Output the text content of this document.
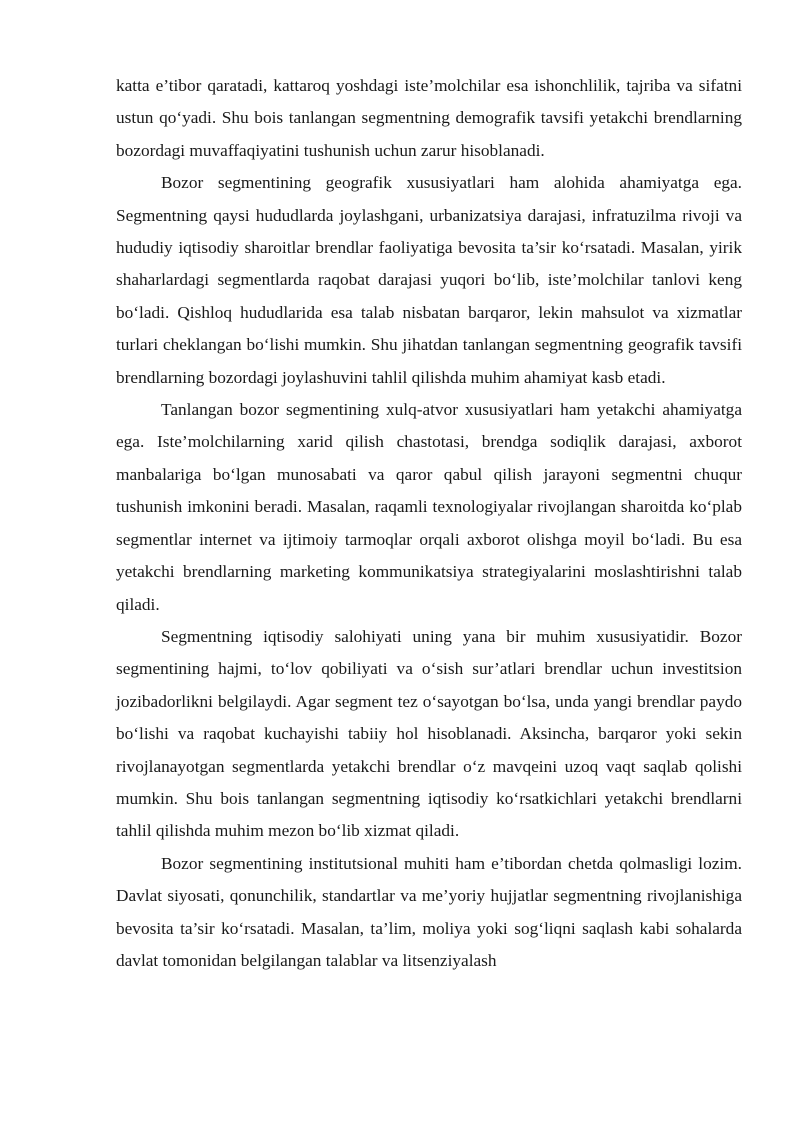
katta e’tibor qaratadi, kattaroq yoshdagi iste’molchilar esa ishonchlilik, tajriba va sifatni ustun qo‘yadi. Shu bois tanlangan segmentning demografik tavsifi yetakchi brendlarning bozordagi muvaffaqiyatini tushunish uchun zarur hisoblanadi.

Bozor segmentining geografik xususiyatlari ham alohida ahamiyatga ega. Segmentning qaysi hududlarda joylashgani, urbanizatsiya darajasi, infratuzilma rivoji va hududiy iqtisodiy sharoitlar brendlar faoliyatiga bevosita ta’sir ko‘rsatadi. Masalan, yirik shaharlardagi segmentlarda raqobat darajasi yuqori bo‘lib, iste’molchilar tanlovi keng bo‘ladi. Qishloq hududlarida esa talab nisbatan barqaror, lekin mahsulot va xizmatlar turlari cheklangan bo‘lishi mumkin. Shu jihatdan tanlangan segmentning geografik tavsifi brendlarning bozordagi joylashuvini tahlil qilishda muhim ahamiyat kasb etadi.

Tanlangan bozor segmentining xulq-atvor xususiyatlari ham yetakchi ahamiyatga ega. Iste’molchilarning xarid qilish chastotasi, brendga sodiqlik darajasi, axborot manbalariga bo‘lgan munosabati va qaror qabul qilish jarayoni segmentni chuqur tushunish imkonini beradi. Masalan, raqamli texnologiyalar rivojlangan sharoitda ko‘plab segmentlar internet va ijtimoiy tarmoqlar orqali axborot olishga moyil bo‘ladi. Bu esa yetakchi brendlarning marketing kommunikatsiya strategiyalarini moslashtirishni talab qiladi.

Segmentning iqtisodiy salohiyati uning yana bir muhim xususiyatidir. Bozor segmentining hajmi, to‘lov qobiliyati va o‘sish sur’atlari brendlar uchun investitsion jozibadorlikni belgilaydi. Agar segment tez o‘sayotgan bo‘lsa, unda yangi brendlar paydo bo‘lishi va raqobat kuchayishi tabiiy hol hisoblanadi. Aksincha, barqaror yoki sekin rivojlanayotgan segmentlarda yetakchi brendlar o‘z mavqeini uzoq vaqt saqlab qolishi mumkin. Shu bois tanlangan segmentning iqtisodiy ko‘rsatkichlari yetakchi brendlarni tahlil qilishda muhim mezon bo‘lib xizmat qiladi.

Bozor segmentining institutsional muhiti ham e’tibordan chetda qolmasligi lozim. Davlat siyosati, qonunchilik, standartlar va me’yoriy hujjatlar segmentning rivojlanishiga bevosita ta’sir ko‘rsatadi. Masalan, ta’lim, moliya yoki sog‘liqni saqlash kabi sohalarda davlat tomonidan belgilangan talablar va litsenziyalash
